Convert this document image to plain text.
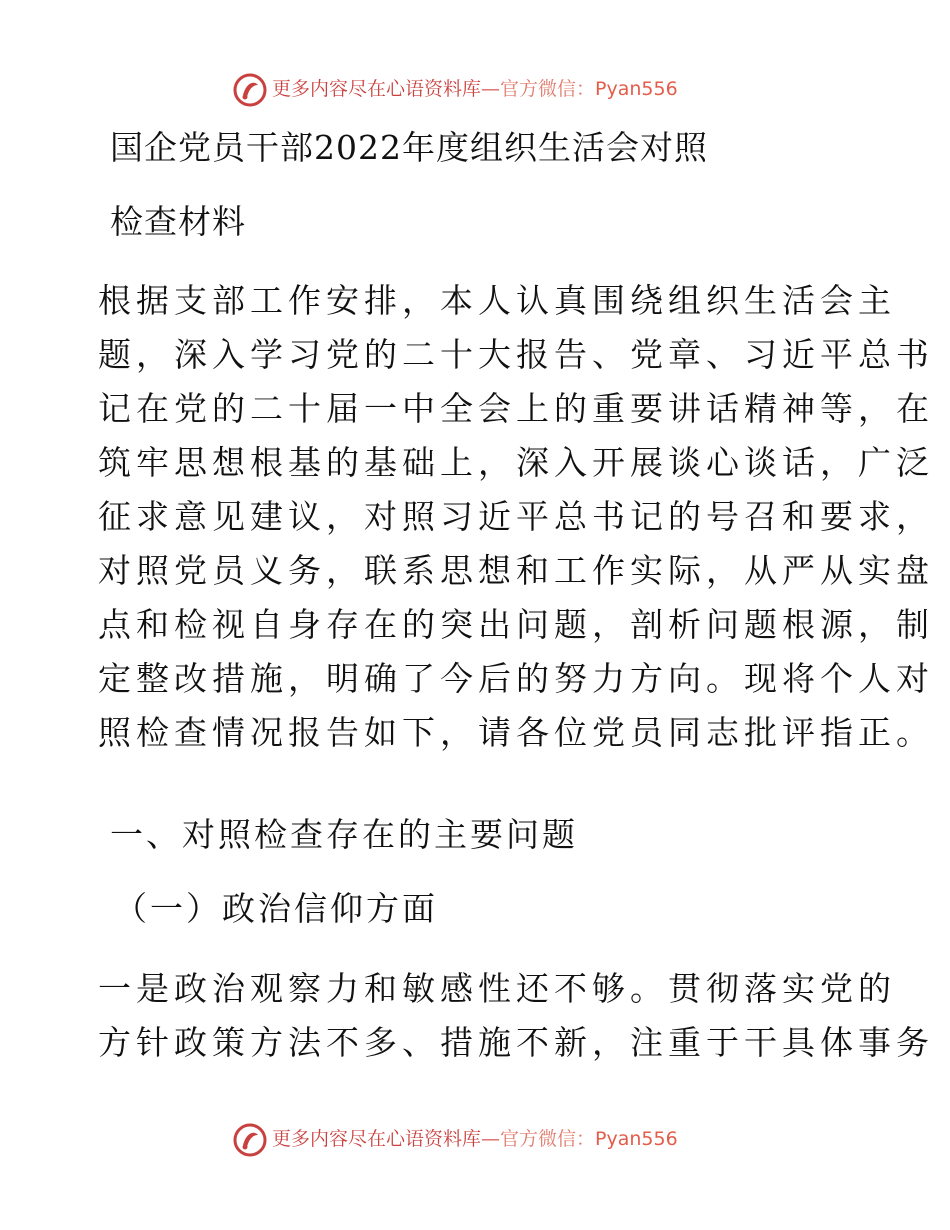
更多内容尽在心语资料库—官方微信：Pyan556
国企党员干部2022年度组织生活会对照
检查材料

根据支部工作安排，本人认真围绕组织生活会主

题，深入学习党的二十大报告、党章、习近平总书

记在党的二十届一中全会上的重要讲话精神等，在

筑牢思想根基的基础上，深入开展谈心谈话，广泛

征求意见建议，对照习近平总书记的号召和要求，

对照党员义务，联系思想和工作实际，从严从实盘

点和检视自身存在的突出问题，剖析问题根源，制

定整改措施，明确了今后的努力方向。现将个人对

照检查情况报告如下，请各位党员同志批评指正。

一、对照检查存在的主要问题
（一）政治信仰方面

一是政治观察力和敏感性还不够。贯彻落实党的

方针政策方法不多、措施不新，注重于干具体事务

更多内容尽在心语资料库—官方微信：Pyan556
